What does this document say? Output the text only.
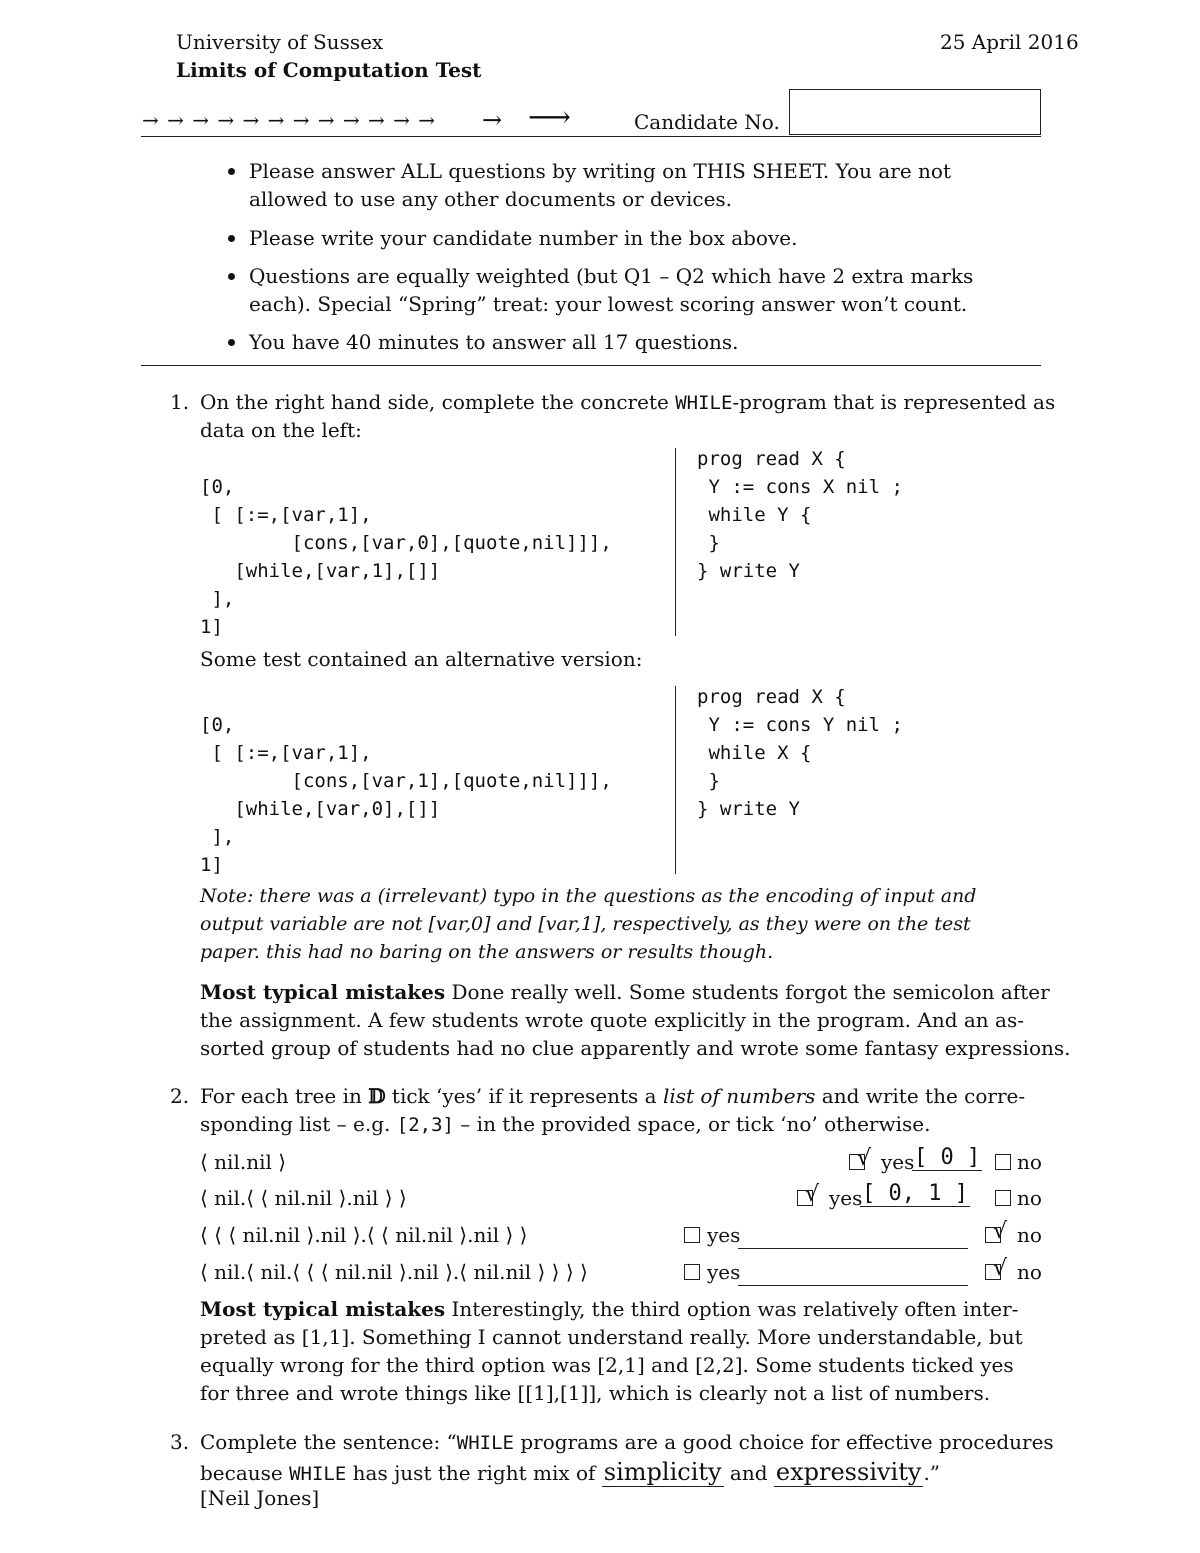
University of Sussex	25 April 2016
Limits of Computation Test
→ → → → → → → → → → → → → ⟶	Candidate No.
Please answer ALL questions by writing on THIS SHEET. You are not
allowed to use any other documents or devices.
Please write your candidate number in the box above.
Questions are equally weighted (but Q1 – Q2 which have 2 extra marks
each). Special “Spring” treat: your lowest scoring answer won’t count.
You have 40 minutes to answer all 17 questions.
1. On the right hand side, complete the concrete WHILE-program that is represented as
data on the left:
[0,
[ [:=,[var,1],
[cons,[var,0],[quote,nil]]],
[while,[var,1],[]]
],
1]
prog read X {
Y := cons X nil ;
while Y {
}
} write Y
Some test contained an alternative version:
[0,
[ [:=,[var,1],
[cons,[var,1],[quote,nil]]],
[while,[var,0],[]]
],
1]
prog read X {
Y := cons Y nil ;
while X {
}
} write Y
Note: there was a (irrelevant) typo in the questions as the encoding of input and
output variable are not [var,0] and [var,1], respectively, as they were on the test
paper. this had no baring on the answers or results though.
Most typical mistakes Done really well. Some students forgot the semicolon after
the assignment. A few students wrote quote explicitly in the program. And an as-
sorted group of students had no clue apparently and wrote some fantasy expressions.
2. For each tree in 𝔻 tick ‘yes’ if it represents a list of numbers and write the corre-
sponding list – e.g. [2,3] – in the provided space, or tick ‘no’ otherwise.
⟨ nil.nil ⟩	√ yes [ 0 ] no
⟨ nil.⟨ ⟨ nil.nil ⟩.nil ⟩ ⟩	√ yes [ 0, 1 ] no
⟨ ⟨ ⟨ nil.nil ⟩.nil ⟩.⟨ ⟨ nil.nil ⟩.nil ⟩ ⟩	yes	√ no
⟨ nil.⟨ nil.⟨ ⟨ ⟨ nil.nil ⟩.nil ⟩.⟨ nil.nil ⟩ ⟩ ⟩ ⟩	yes	√ no
Most typical mistakes Interestingly, the third option was relatively often inter-
preted as [1,1]. Something I cannot understand really. More understandable, but
equally wrong for the third option was [2,1] and [2,2]. Some students ticked yes
for three and wrote things like [[1],[1]], which is clearly not a list of numbers.
3. Complete the sentence: “WHILE programs are a good choice for effective procedures
because WHILE has just the right mix of simplicity and expressivity .”
[Neil Jones]
